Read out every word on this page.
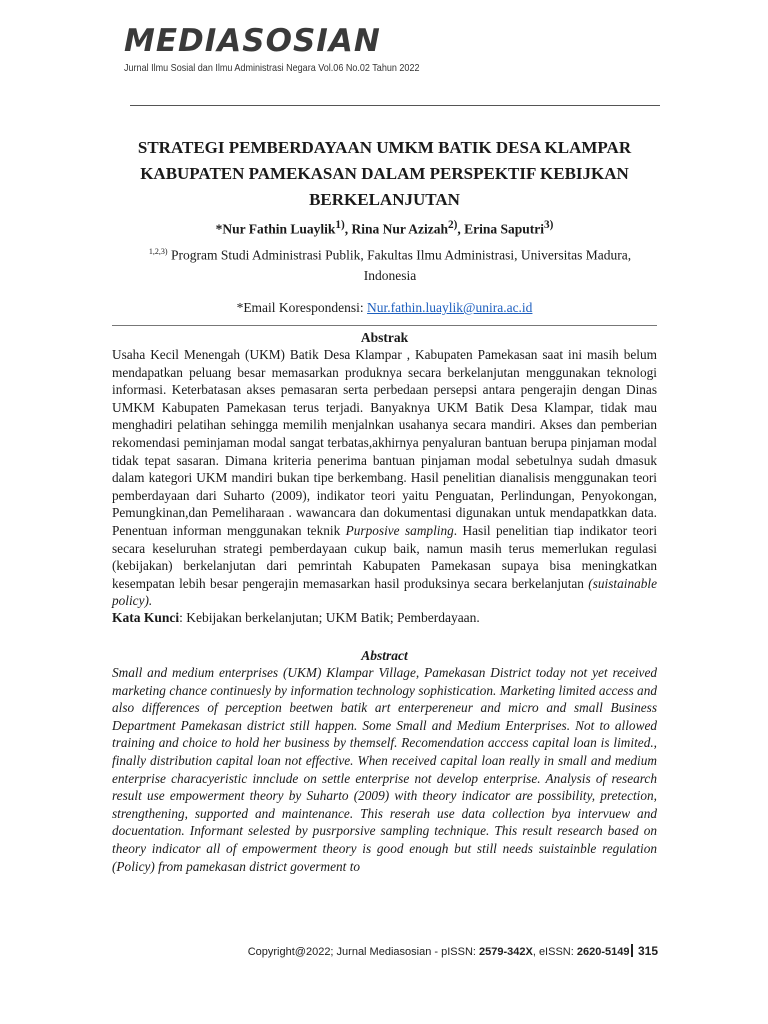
MEDIASOSIAN
Jurnal Ilmu Sosial dan Ilmu Administrasi Negara Vol.06 No.02 Tahun 2022
STRATEGI PEMBERDAYAAN UMKM BATIK DESA KLAMPAR KABUPATEN PAMEKASAN DALAM PERSPEKTIF KEBIJKAN BERKELANJUTAN
*Nur Fathin Luaylik$^{1)}$, Rina Nur Azizah$^{2)}$, Erina Saputri$^{3)}$
$^{1,2,3)}$ Program Studi Administrasi Publik, Fakultas Ilmu Administrasi, Universitas Madura, Indonesia
*Email Korespondensi: Nur.fathin.luaylik@unira.ac.id
Abstrak

Usaha Kecil Menengah (UKM) Batik Desa Klampar , Kabupaten Pamekasan saat ini masih belum mendapatkan peluang besar memasarkan produknya secara berkelanjutan menggunakan teknologi informasi. Keterbatasan akses pemasaran serta perbedaan persepsi antara pengerajin dengan Dinas UMKM Kabupaten Pamekasan terus terjadi. Banyaknya UKM Batik Desa Klampar, tidak mau menghadiri pelatihan sehingga memilih menjalnkan usahanya secara mandiri. Akses dan pemberian rekomendasi peminjaman modal sangat terbatas,akhirnya penyaluran bantuan berupa pinjaman modal tidak tepat sasaran. Dimana kriteria penerima bantuan pinjaman modal sebetulnya sudah dmasuk dalam kategori UKM mandiri bukan tipe berkembang. Hasil penelitian dianalisis menggunakan teori pemberdayaan dari Suharto (2009), indikator teori yaitu Penguatan, Perlindungan, Penyokongan, Pemungkinan,dan Pemeliharaan . wawancara dan dokumentasi digunakan untuk mendapatkkan data. Penentuan informan menggunakan teknik Purposive sampling. Hasil penelitian tiap indikator teori secara keseluruhan strategi pemberdayaan cukup baik, namun masih terus memerlukan regulasi (kebijakan) berkelanjutan dari pemrintah Kabupaten Pamekasan supaya bisa meningkatkan kesempatan lebih besar pengerajin memasarkan hasil produksinya secara berkelanjutan (suistainable policy).

Kata Kunci: Kebijakan berkelanjutan; UKM Batik; Pemberdayaan.
Abstract

Small and medium enterprises (UKM) Klampar Village, Pamekasan District today not yet received marketing chance continuesly by information technology sophistication. Marketing limited access and also differences of perception beetwen batik art enterpereneur and micro and small Business Department Pamekasan district still happen. Some Small and Medium Enterprises. Not to allowed training and choice to hold her business by themself. Recomendation acccess capital loan is limited., finally distribution capital loan not effective. When received capital loan really in small and medium enterprise characyeristic innclude on settle enterprise not develop enterprise. Analysis of research result use empowerment theory by Suharto (2009) with theory indicator are possibility, pretection, strengthening, supported and maintenance. This reserah use data collection bya intervuew and docuentation. Informant selested by pusrporsive sampling technique. This result research based on theory indicator all of empowerment theory is good enough but still needs suistainble regulation (Policy) from pamekasan district goverment to

Copyright@2022; Jurnal Mediasosian - pISSN: 2579-342X, eISSN: 2620-5149 315
